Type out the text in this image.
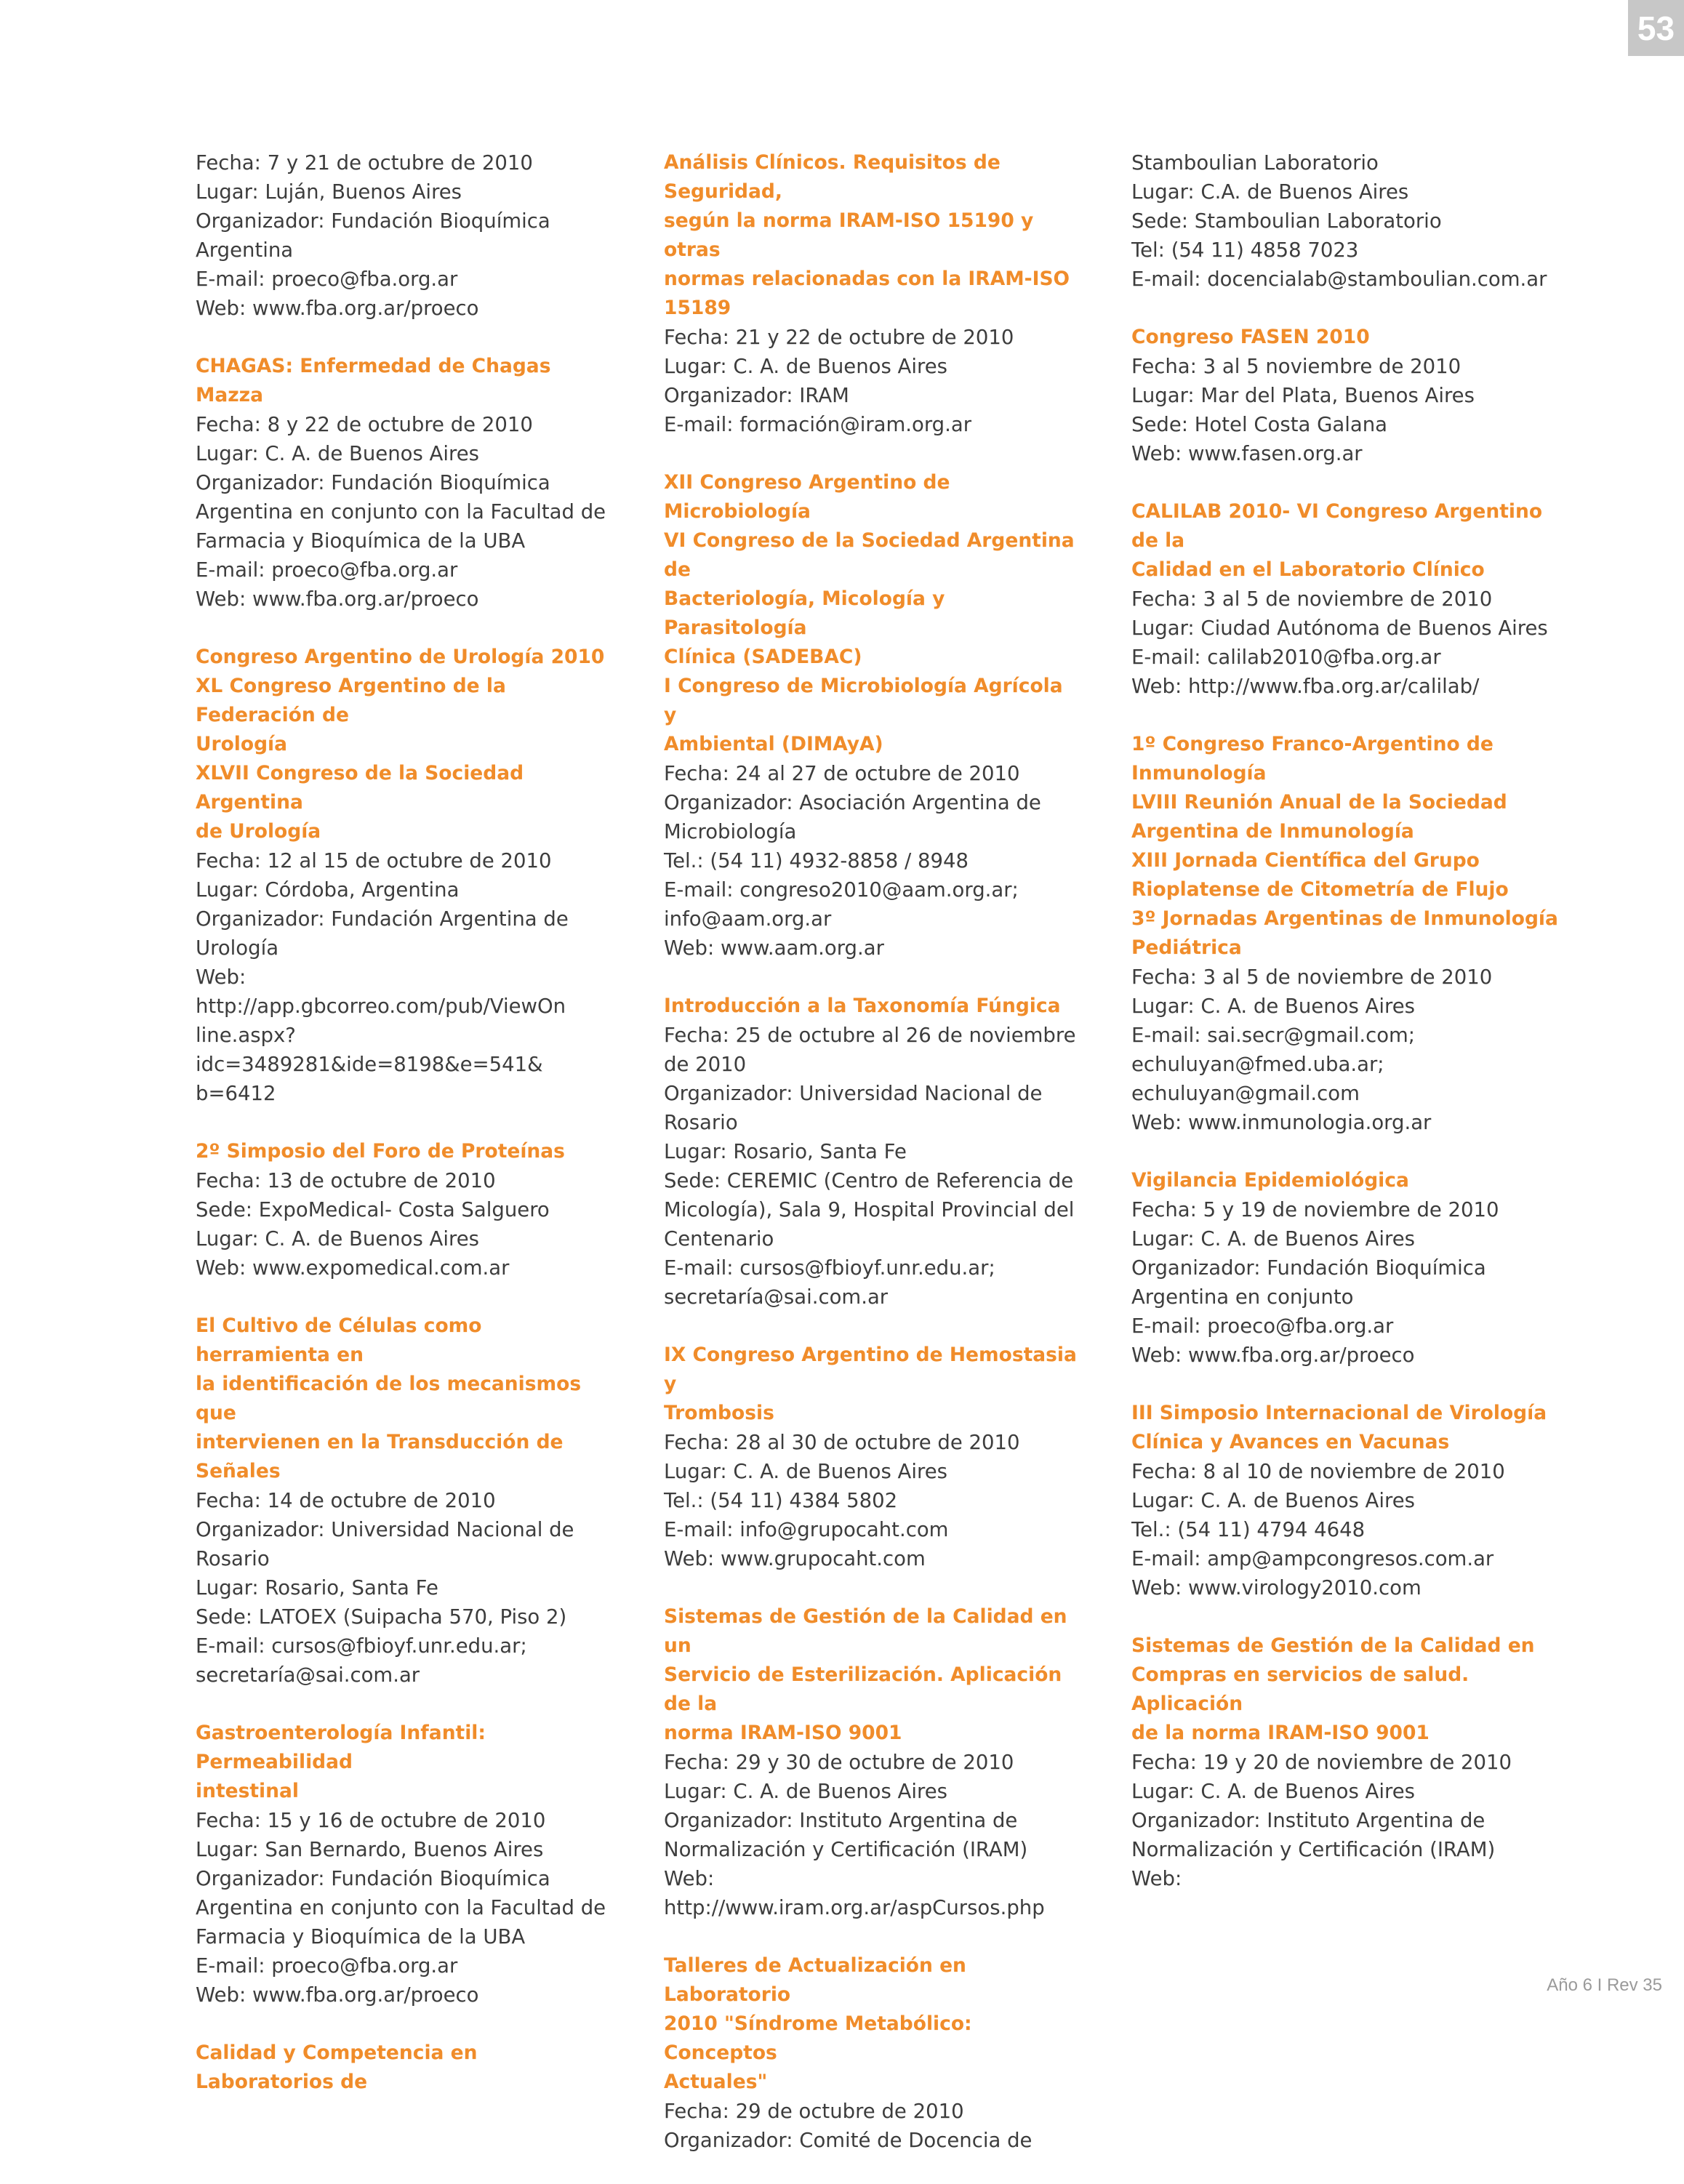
53
Fecha: 7 y 21 de octubre de 2010
Lugar: Luján, Buenos Aires
Organizador: Fundación Bioquímica
Argentina
E-mail: proeco@fba.org.ar
Web: www.fba.org.ar/proeco
CHAGAS: Enfermedad de Chagas Mazza
Fecha: 8 y 22 de octubre de 2010
Lugar: C. A. de Buenos Aires
Organizador: Fundación Bioquímica
Argentina en conjunto con la Facultad de
Farmacia y Bioquímica de la UBA
E-mail: proeco@fba.org.ar
Web: www.fba.org.ar/proeco
Congreso Argentino de Urología 2010
XL Congreso Argentino de la Federación de
Urología
XLVII Congreso de la Sociedad Argentina
de Urología
Fecha: 12 al 15 de octubre de 2010
Lugar: Córdoba, Argentina
Organizador: Fundación Argentina de
Urología
Web:
http://app.gbcorreo.com/pub/ViewOn
line.aspx?idc=3489281&ide=8198&e=541&
b=6412
2º Simposio del Foro de Proteínas
Fecha: 13 de octubre de 2010
Sede: ExpoMedical- Costa Salguero
Lugar: C. A. de Buenos Aires
Web: www.expomedical.com.ar
El Cultivo de Células como herramienta en
la identificación de los mecanismos que
intervienen en la Transducción de Señales
Fecha: 14 de octubre de 2010
Organizador: Universidad Nacional de
Rosario
Lugar: Rosario, Santa Fe
Sede: LATOEX (Suipacha 570, Piso 2)
E-mail: cursos@fbioyf.unr.edu.ar;
secretaría@sai.com.ar
Gastroenterología Infantil: Permeabilidad
intestinal
Fecha: 15 y 16 de octubre de 2010
Lugar: San Bernardo, Buenos Aires
Organizador: Fundación Bioquímica
Argentina en conjunto con la Facultad de
Farmacia y Bioquímica de la UBA
E-mail: proeco@fba.org.ar
Web: www.fba.org.ar/proeco
Calidad y Competencia en Laboratorios de
Análisis Clínicos. Requisitos de Seguridad,
según la norma IRAM-ISO 15190 y otras
normas relacionadas con la IRAM-ISO
15189
Fecha: 21 y 22 de octubre de 2010
Lugar: C. A. de Buenos Aires
Organizador: IRAM
E-mail: formación@iram.org.ar
XII Congreso Argentino de Microbiología
VI Congreso de la Sociedad Argentina de
Bacteriología, Micología y Parasitología
Clínica (SADEBAC)
I Congreso de Microbiología Agrícola y
Ambiental (DIMAyA)
Fecha: 24 al 27 de octubre de 2010
Organizador: Asociación Argentina de
Microbiología
Tel.: (54 11) 4932-8858 / 8948
E-mail: congreso2010@aam.org.ar;
info@aam.org.ar
Web: www.aam.org.ar
Introducción a la Taxonomía Fúngica
Fecha: 25 de octubre al 26 de noviembre
de 2010
Organizador: Universidad Nacional de
Rosario
Lugar: Rosario, Santa Fe
Sede: CEREMIC (Centro de Referencia de
Micología), Sala 9, Hospital Provincial del
Centenario
E-mail: cursos@fbioyf.unr.edu.ar;
secretaría@sai.com.ar
IX Congreso Argentino de Hemostasia y
Trombosis
Fecha: 28 al 30 de octubre de 2010
Lugar: C. A. de Buenos Aires
Tel.: (54 11) 4384 5802
E-mail: info@grupocaht.com
Web: www.grupocaht.com
Sistemas de Gestión de la Calidad en un
Servicio de Esterilización. Aplicación de la
norma IRAM-ISO 9001
Fecha: 29 y 30 de octubre de 2010
Lugar: C. A. de Buenos Aires
Organizador: Instituto Argentina de
Normalización y Certificación (IRAM)
Web:
http://www.iram.org.ar/aspCursos.php
Talleres de Actualización en Laboratorio
2010 "Síndrome Metabólico: Conceptos
Actuales"
Fecha: 29 de octubre de 2010
Organizador: Comité de Docencia de
Stamboulian Laboratorio
Lugar: C.A. de Buenos Aires
Sede: Stamboulian Laboratorio
Tel: (54 11) 4858 7023
E-mail: docencialab@stamboulian.com.ar
Congreso FASEN 2010
Fecha: 3 al 5 noviembre de 2010
Lugar: Mar del Plata, Buenos Aires
Sede: Hotel Costa Galana
Web: www.fasen.org.ar
CALILAB 2010- VI Congreso Argentino de la
Calidad en el Laboratorio Clínico
Fecha: 3 al 5 de noviembre de 2010
Lugar: Ciudad Autónoma de Buenos Aires
E-mail: calilab2010@fba.org.ar
Web: http://www.fba.org.ar/calilab/
1º Congreso Franco-Argentino de
Inmunología
LVIII Reunión Anual de la Sociedad
Argentina de Inmunología
XIII Jornada Científica del Grupo
Rioplatense de Citometría de Flujo
3º Jornadas Argentinas de Inmunología
Pediátrica
Fecha: 3 al 5 de noviembre de 2010
Lugar: C. A. de Buenos Aires
E-mail: sai.secr@gmail.com;
echuluyan@fmed.uba.ar;
echuluyan@gmail.com
Web: www.inmunologia.org.ar
Vigilancia Epidemiológica
Fecha: 5 y 19 de noviembre de 2010
Lugar: C. A. de Buenos Aires
Organizador: Fundación Bioquímica
Argentina en conjunto
E-mail: proeco@fba.org.ar
Web: www.fba.org.ar/proeco
III Simposio Internacional de Virología
Clínica y Avances en Vacunas
Fecha: 8 al 10 de noviembre de 2010
Lugar: C. A. de Buenos Aires
Tel.: (54 11) 4794 4648
E-mail: amp@ampcongresos.com.ar
Web: www.virology2010.com
Sistemas de Gestión de la Calidad en
Compras en servicios de salud. Aplicación
de la norma IRAM-ISO 9001
Fecha: 19 y 20 de noviembre de 2010
Lugar: C. A. de Buenos Aires
Organizador: Instituto Argentina de
Normalización y Certificación (IRAM)
Web:
Año 6 I Rev 35
